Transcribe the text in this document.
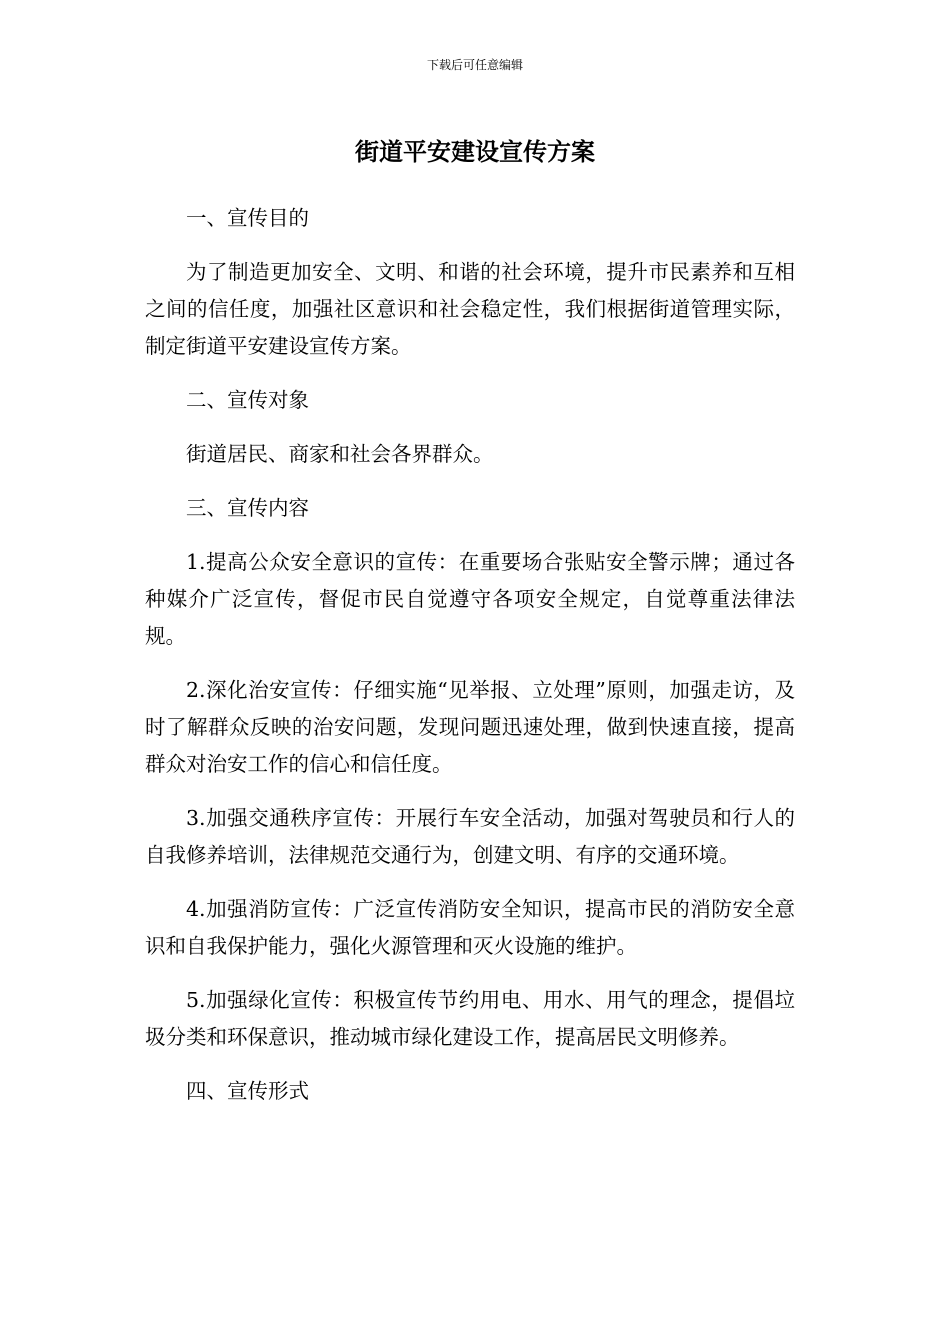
下载后可任意编辑
街道平安建设宣传方案

一、宣传目的

为了制造更加安全、文明、和谐的社会环境，提升市民素养和互相之间的信任度，加强社区意识和社会稳定性，我们根据街道管理实际，制定街道平安建设宣传方案。

二、宣传对象

街道居民、商家和社会各界群众。

三、宣传内容

1.提高公众安全意识的宣传：在重要场合张贴安全警示牌；通过各种媒介广泛宣传，督促市民自觉遵守各项安全规定，自觉尊重法律法规。

2.深化治安宣传：仔细实施“见举报、立处理”原则，加强走访，及时了解群众反映的治安问题，发现问题迅速处理，做到快速直接，提高群众对治安工作的信心和信任度。

3.加强交通秩序宣传：开展行车安全活动，加强对驾驶员和行人的自我修养培训，法律规范交通行为，创建文明、有序的交通环境。

4.加强消防宣传：广泛宣传消防安全知识，提高市民的消防安全意识和自我保护能力，强化火源管理和灭火设施的维护。

5.加强绿化宣传：积极宣传节约用电、用水、用气的理念，提倡垃圾分类和环保意识，推动城市绿化建设工作，提高居民文明修养。

四、宣传形式
